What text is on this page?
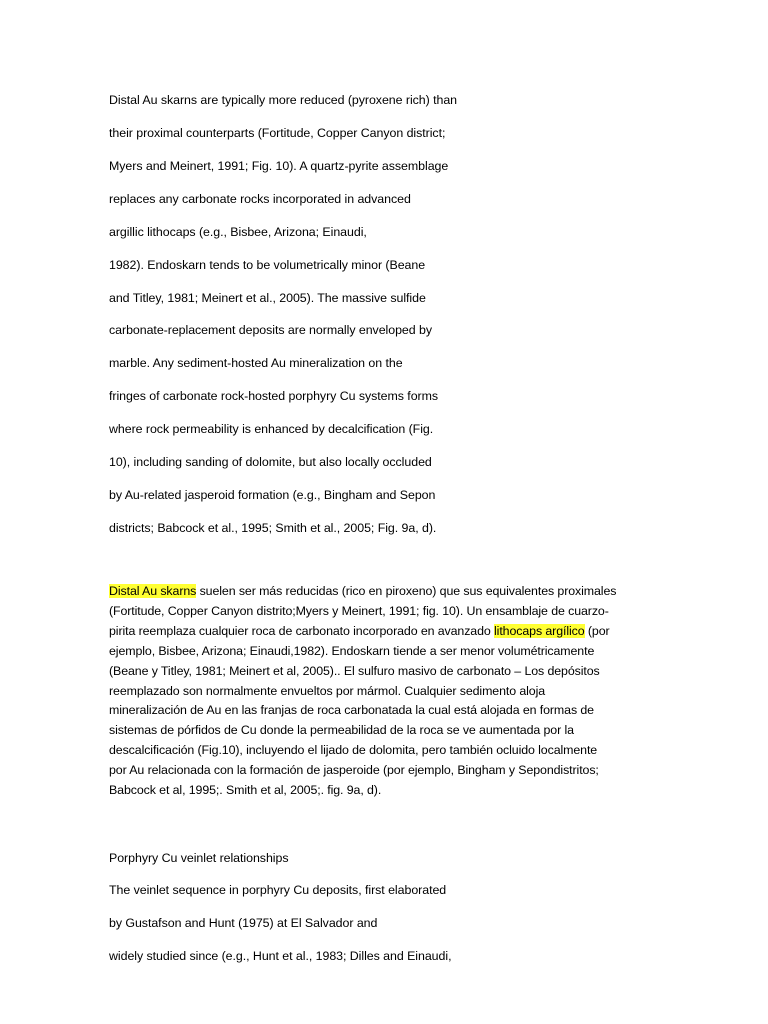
Distal Au skarns are typically more reduced (pyroxene rich) than
their proximal counterparts (Fortitude, Copper Canyon district;
Myers and Meinert, 1991; Fig. 10). A quartz-pyrite assemblage
replaces any carbonate rocks incorporated in advanced
argillic lithocaps (e.g., Bisbee, Arizona; Einaudi,
1982). Endoskarn tends to be volumetrically minor (Beane
and Titley, 1981; Meinert et al., 2005). The massive sulfide
carbonate-replacement deposits are normally enveloped by
marble. Any sediment-hosted Au mineralization on the
fringes of carbonate rock-hosted porphyry Cu systems forms
where rock permeability is enhanced by decalcification (Fig.
10), including sanding of dolomite, but also locally occluded
by Au-related jasperoid formation (e.g., Bingham and Sepon
districts; Babcock et al., 1995; Smith et al., 2005; Fig. 9a, d).
Distal Au skarns suelen ser más reducidas (rico en piroxeno) que sus equivalentes proximales
(Fortitude, Copper Canyon distrito;Myers y Meinert, 1991; fig. 10). Un ensamblaje de cuarzo-
pirita reemplaza cualquier roca de carbonato incorporado en avanzado lithocaps argílico (por
ejemplo, Bisbee, Arizona; Einaudi,1982). Endoskarn tiende a ser menor volumétricamente
(Beane y Titley, 1981; Meinert et al, 2005).. El sulfuro masivo de carbonato – Los depósitos
reemplazado son normalmente envueltos por mármol. Cualquier sedimento aloja
mineralización de Au en las franjas de roca carbonatada la cual está alojada en formas de
sistemas de pórfidos de Cu donde la permeabilidad de la roca se ve aumentada por la
descalcificación (Fig.10), incluyendo el lijado de dolomita, pero también ocluido localmente
por Au relacionada con la formación de jasperoide (por ejemplo, Bingham y Sepondistritos;
Babcock et al, 1995;. Smith et al, 2005;. fig. 9a, d).
Porphyry Cu veinlet relationships
The veinlet sequence in porphyry Cu deposits, first elaborated
by Gustafson and Hunt (1975) at El Salvador and
widely studied since (e.g., Hunt et al., 1983; Dilles and Einaudi,
